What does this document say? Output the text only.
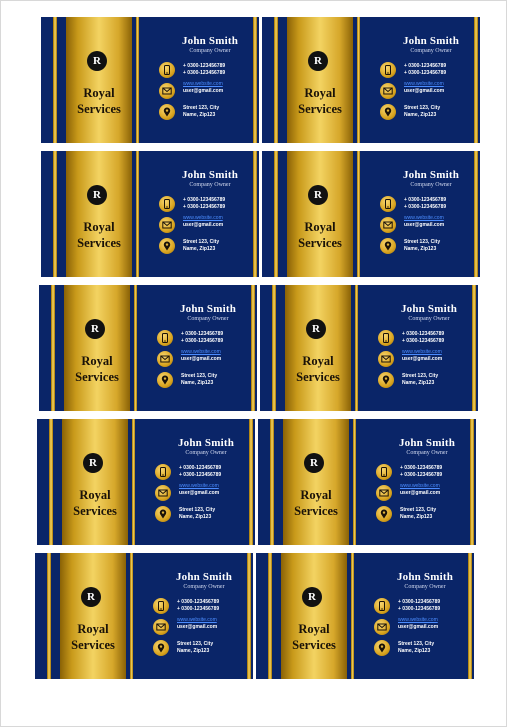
R
Royal
Services
John Smith
Company Owner
+ 0300-123456789
+ 0300-123456789
www.website.com
user@gmail.com
Street 123, City
Name, Zip123
R
Royal
Services
John Smith
Company Owner
+ 0300-123456789
+ 0300-123456789
www.website.com
user@gmail.com
Street 123, City
Name, Zip123
R
Royal
Services
John Smith
Company Owner
+ 0300-123456789
+ 0300-123456789
www.website.com
user@gmail.com
Street 123, City
Name, Zip123
R
Royal
Services
John Smith
Company Owner
+ 0300-123456789
+ 0300-123456789
www.website.com
user@gmail.com
Street 123, City
Name, Zip123
R
Royal
Services
John Smith
Company Owner
+ 0300-123456789
+ 0300-123456789
www.website.com
user@gmail.com
Street 123, City
Name, Zip123
R
Royal
Services
John Smith
Company Owner
+ 0300-123456789
+ 0300-123456789
www.website.com
user@gmail.com
Street 123, City
Name, Zip123
R
Royal
Services
John Smith
Company Owner
+ 0300-123456789
+ 0300-123456789
www.website.com
user@gmail.com
Street 123, City
Name, Zip123
R
Royal
Services
John Smith
Company Owner
+ 0300-123456789
+ 0300-123456789
www.website.com
user@gmail.com
Street 123, City
Name, Zip123
R
Royal
Services
John Smith
Company Owner
+ 0300-123456789
+ 0300-123456789
www.website.com
user@gmail.com
Street 123, City
Name, Zip123
R
Royal
Services
John Smith
Company Owner
+ 0300-123456789
+ 0300-123456789
www.website.com
user@gmail.com
Street 123, City
Name, Zip123
